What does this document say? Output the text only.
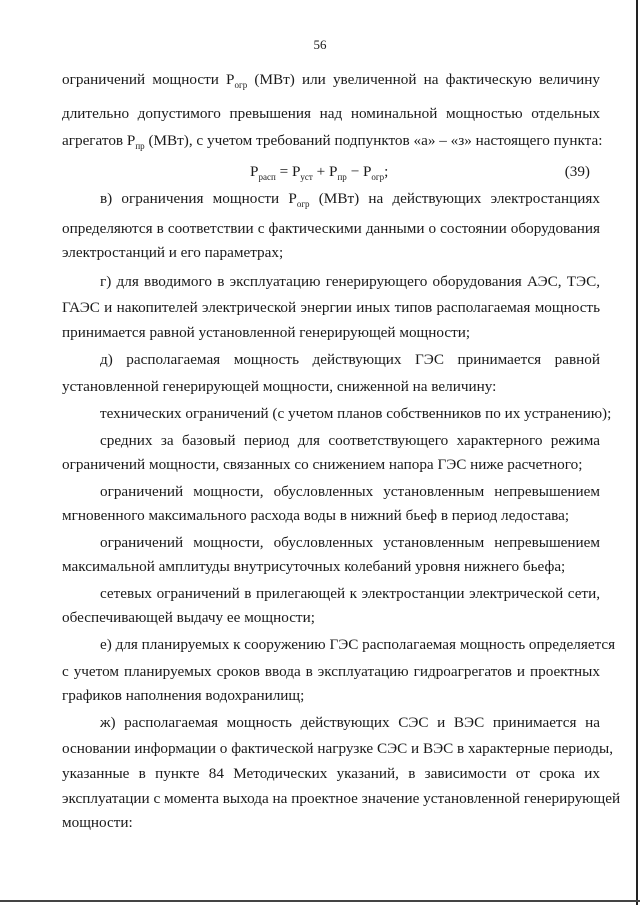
56
ограничений мощности $P_{огр}$ (МВт) или увеличенной на фактическую величину
длительно допустимого превышения над номинальной мощностью отдельных
агрегатов $P_{пр}$ (МВт), с учетом требований подпунктов «а» – «з» настоящего пункта:
$P_{расп} = P_{уст} + P_{пр} - P_{огр}$;	(39)
в) ограничения мощности $P_{огр}$ (МВт) на действующих электростанциях
определяются в соответствии с фактическими данными о состоянии оборудования
электростанций и его параметрах;
г) для вводимого в эксплуатацию генерирующего оборудования АЭС, ТЭС,
ГАЭС и накопителей электрической энергии иных типов располагаемая мощность
принимается равной установленной генерирующей мощности;
д) располагаемая мощность действующих ГЭС принимается равной
установленной генерирующей мощности, сниженной на величину:
технических ограничений (с учетом планов собственников по их устранению);
средних за базовый период для соответствующего характерного режима
ограничений мощности, связанных со снижением напора ГЭС ниже расчетного;
ограничений мощности, обусловленных установленным непревышением
мгновенного максимального расхода воды в нижний бьеф в период ледостава;
ограничений мощности, обусловленных установленным непревышением
максимальной амплитуды внутрисуточных колебаний уровня нижнего бьефа;
сетевых ограничений в прилегающей к электростанции электрической сети,
обеспечивающей выдачу ее мощности;
е) для планируемых к сооружению ГЭС располагаемая мощность определяется
с учетом планируемых сроков ввода в эксплуатацию гидроагрегатов и проектных
графиков наполнения водохранилищ;
ж) располагаемая мощность действующих СЭС и ВЭС принимается на
основании информации о фактической нагрузке СЭС и ВЭС в характерные периоды,
указанные в пункте 84 Методических указаний, в зависимости от срока их
эксплуатации с момента выхода на проектное значение установленной генерирующей
мощности:
